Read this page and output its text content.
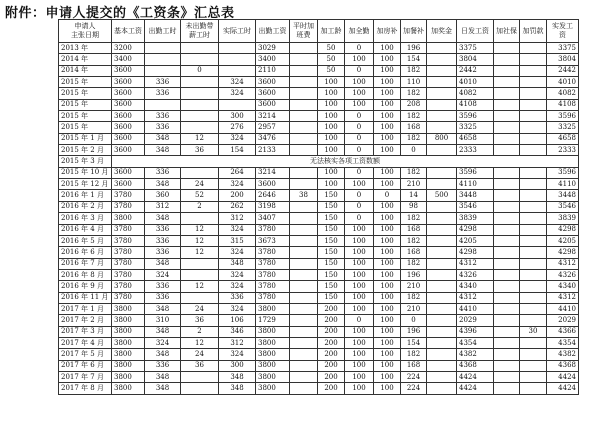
附件：申请人提交的《工资条》汇总表
申请人
主张日期	基本工资	出勤工时	未出勤带薪工时	实际工时	出勤工资	平时加班费	加工龄	加全勤	加房补	加餐补	加奖金	日发工资	加社保	加罚款	实发工资
2013 年	3200				3029		50	0	100	196		3375			3375
2014 年	3400				3400		50	100	100	154		3804			3804
2014 年	3600		0		2110		50	0	100	182		2442			2442
2015 年	3600	336		324	3600		100	100	100	110		4010			4010
2015 年	3600	336		324	3600		100	100	100	182		4082			4082
2015 年	3600				3600		100	100	100	208		4108			4108
2015 年	3600	336		300	3214		100	0	100	182		3596			3596
2015 年	3600	336		276	2957		100	0	100	168		3325			3325
2015 年 1 月	3600	348	12	324	3476		100	0	100	182	800	4658			4658
2015 年 2 月	3600	348	36	154	2133		100	0	100	0		2333			2333
2015 年 3 月	无法核实各项工资数额														
2015 年 10 月	3600	336		264	3214		100	0	100	182		3596			3596
2015 年 12 月	3600	348	24	324	3600		100	100	100	210		4110			4110
2016 年 1 月	3780	360	52	200	2646	38	150	0	0	14	500	3448			3448
2016 年 2 月	3780	312	2	262	3198		150	0	100	98		3546			3546
2016 年 3 月	3800	348		312	3407		150	0	100	182		3839			3839
2016 年 4 月	3780	336	12	324	3780		150	100	100	168		4298			4298
2016 年 5 月	3780	336	12	315	3673		150	100	100	182		4205			4205
2016 年 6 月	3780	336	12	324	3780		150	100	100	168		4298			4298
2016 年 7 月	3780	348		348	3780		150	100	100	182		4312			4312
2016 年 8 月	3780	324		324	3780		150	100	100	196		4326			4326
2016 年 9 月	3780	336	12	324	3780		150	100	100	210		4340			4340
2016 年 11 月	3780	336		336	3780		150	100	100	182		4312			4312
2017 年 1 月	3800	348	24	324	3800		200	100	100	210		4410			4410
2017 年 2 月	3800	310	36	106	1729		200	0	100	0		2029			2029
2017 年 3 月	3800	348	2	346	3800		200	100	100	196		4396		30	4366
2017 年 4 月	3800	324	12	312	3800		200	100	100	154		4354			4354
2017 年 5 月	3800	348	24	324	3800		200	100	100	182		4382			4382
2017 年 6 月	3800	336	36	300	3800		200	100	100	168		4368			4368
2017 年 7 月	3800	348		348	3800		200	100	100	224		4424			4424
2017 年 8 月	3800	348		348	3800		200	100	100	224		4424			4424
